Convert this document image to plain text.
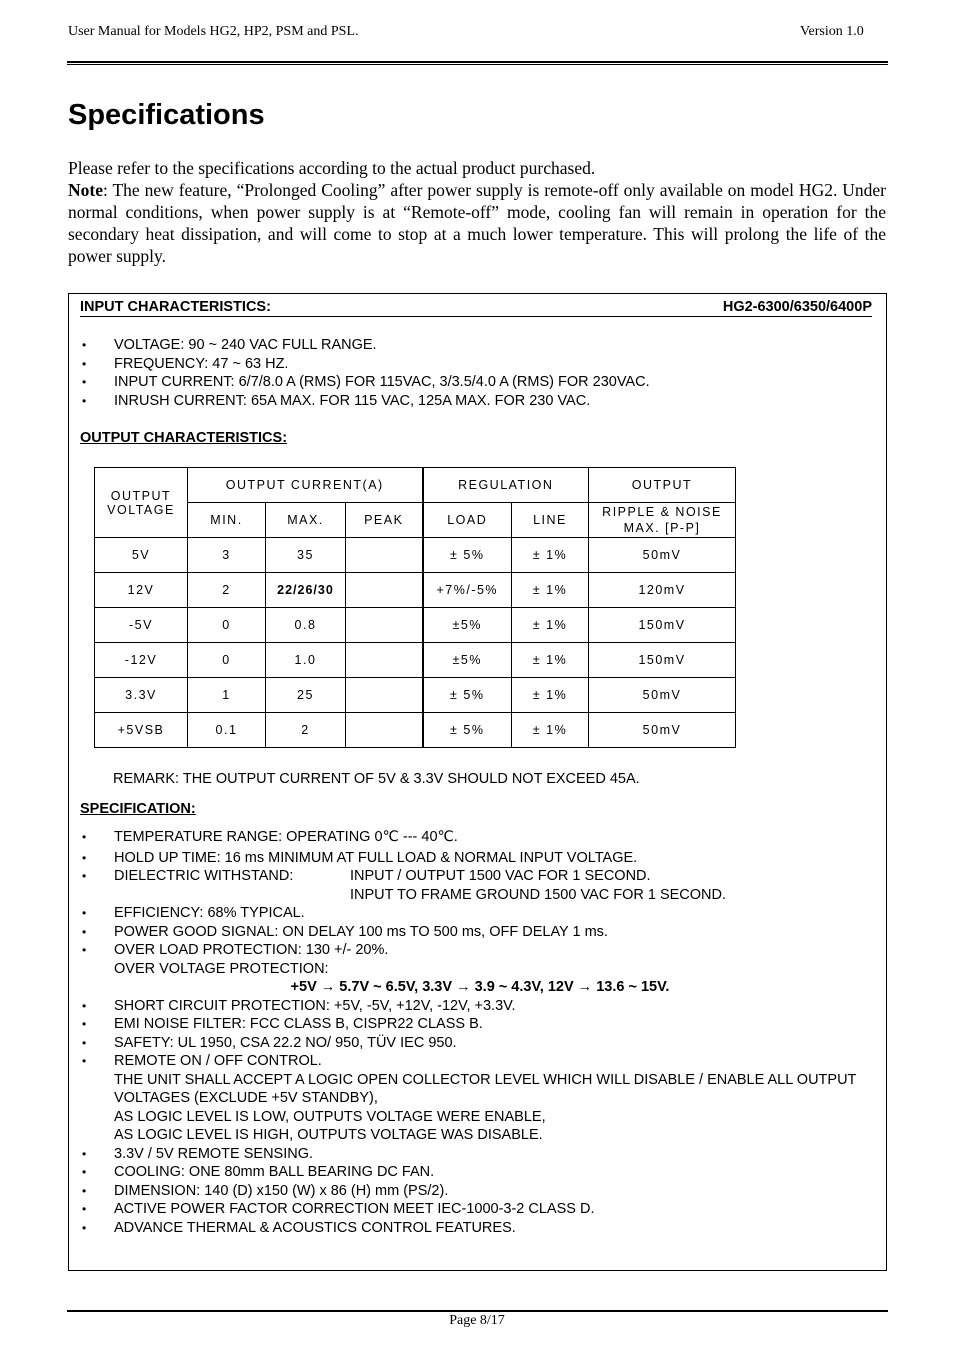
User Manual for Models HG2, HP2, PSM and PSL.	Version 1.0
Specifications

Please refer to the specifications according to the actual product purchased.

Note: The new feature, “Prolonged Cooling” after power supply is remote-off only available on model HG2. Under normal conditions, when power supply is at “Remote-off” mode, cooling fan will remain in operation for the secondary heat dissipation, and will come to stop at a much lower temperature. This will prolong the life of the power supply.

INPUT CHARACTERISTICS:	HG2-6300/6350/6400P
• VOLTAGE: 90 ~ 240 VAC FULL RANGE.
• FREQUENCY: 47 ~ 63 HZ.
• INPUT CURRENT: 6/7/8.0 A (RMS) FOR 115VAC, 3/3.5/4.0 A (RMS) FOR 230VAC.
• INRUSH CURRENT: 65A MAX. FOR 115 VAC, 125A MAX. FOR 230 VAC.
OUTPUT CHARACTERISTICS:
OUTPUT
VOLTAGE	OUTPUT CURRENT(A)			REGULATION		OUTPUT
	MIN.	MAX.	PEAK	LOAD	LINE	RIPPLE & NOISE
MAX. [P-P]
5V	3	35		± 5%	± 1%	50mV
12V	2	22/26/30		+7%/-5%	± 1%	120mV
-5V	0	0.8		±5%	± 1%	150mV
-12V	0	1.0		±5%	± 1%	150mV
3.3V	1	25		± 5%	± 1%	50mV
+5VSB	0.1	2		± 5%	± 1%	50mV
REMARK: THE OUTPUT CURRENT OF 5V & 3.3V SHOULD NOT EXCEED 45A.
SPECIFICATION:
• TEMPERATURE RANGE: OPERATING 0℃ --- 40℃.
• HOLD UP TIME: 16 ms MINIMUM AT FULL LOAD & NORMAL INPUT VOLTAGE.
• DIELECTRIC WITHSTAND:	INPUT / OUTPUT 1500 VAC FOR 1 SECOND.
INPUT TO FRAME GROUND 1500 VAC FOR 1 SECOND.
• EFFICIENCY: 68% TYPICAL.
• POWER GOOD SIGNAL: ON DELAY 100 ms TO 500 ms, OFF DELAY 1 ms.
• OVER LOAD PROTECTION: 130 +/- 20%.
OVER VOLTAGE PROTECTION:
+5V → 5.7V ~ 6.5V, 3.3V → 3.9 ~ 4.3V, 12V → 13.6 ~ 15V.
• SHORT CIRCUIT PROTECTION: +5V, -5V, +12V, -12V, +3.3V.
• EMI NOISE FILTER: FCC CLASS B, CISPR22 CLASS B.
• SAFETY: UL 1950, CSA 22.2 NO/ 950, TÜV IEC 950.
• REMOTE ON / OFF CONTROL.
THE UNIT SHALL ACCEPT A LOGIC OPEN COLLECTOR LEVEL WHICH WILL DISABLE / ENABLE ALL OUTPUT VOLTAGES (EXCLUDE +5V STANDBY),
AS LOGIC LEVEL IS LOW, OUTPUTS VOLTAGE WERE ENABLE,
AS LOGIC LEVEL IS HIGH, OUTPUTS VOLTAGE WAS DISABLE.
• 3.3V / 5V REMOTE SENSING.
• COOLING: ONE 80mm BALL BEARING DC FAN.
• DIMENSION: 140 (D) x150 (W) x 86 (H) mm (PS/2).
• ACTIVE POWER FACTOR CORRECTION MEET IEC-1000-3-2 CLASS D.
• ADVANCE THERMAL & ACOUSTICS CONTROL FEATURES.
Page 8/17
